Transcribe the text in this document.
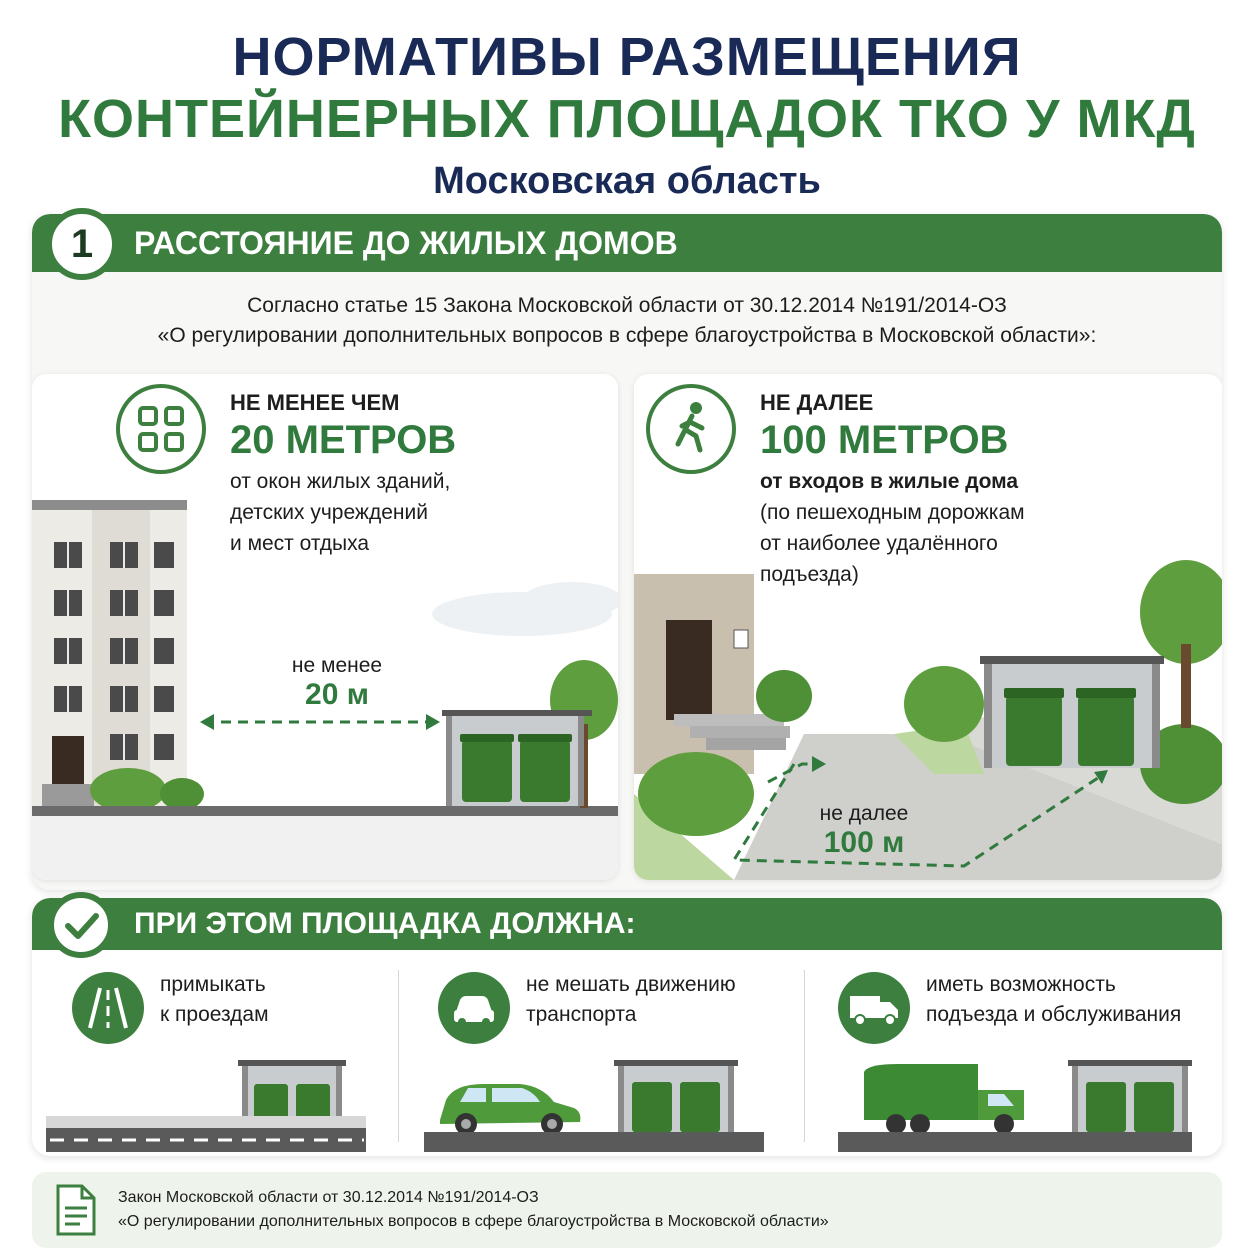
НОРМАТИВЫ РАЗМЕЩЕНИЯ
КОНТЕЙНЕРНЫХ ПЛОЩАДОК ТКО У МКД
Московская область
РАССТОЯНИЕ ДО ЖИЛЫХ ДОМОВ
Согласно статье 15 Закона Московской области от 30.12.2014 №191/2014-ОЗ
«О регулировании дополнительных вопросов в сфере благоустройства в Московской области»:
НЕ МЕНЕЕ ЧЕМ
20 МЕТРОВ
от окон жилых зданий,
детских учреждений
и мест отдыха
не менее
20 м
НЕ ДАЛЕЕ
100 МЕТРОВ
от входов в жилые дома
(по пешеходным дорожкам
от наиболее удалённого
подъезда)
не далее
100 м
1
ПРИ ЭТОМ ПЛОЩАДКА ДОЛЖНА:
примыкать
к проездам
не мешать движению
транспорта
иметь возможность
подъезда и обслуживания
Закон Московской области от 30.12.2014 №191/2014-ОЗ
«О регулировании дополнительных вопросов в сфере благоустройства в Московской области»
